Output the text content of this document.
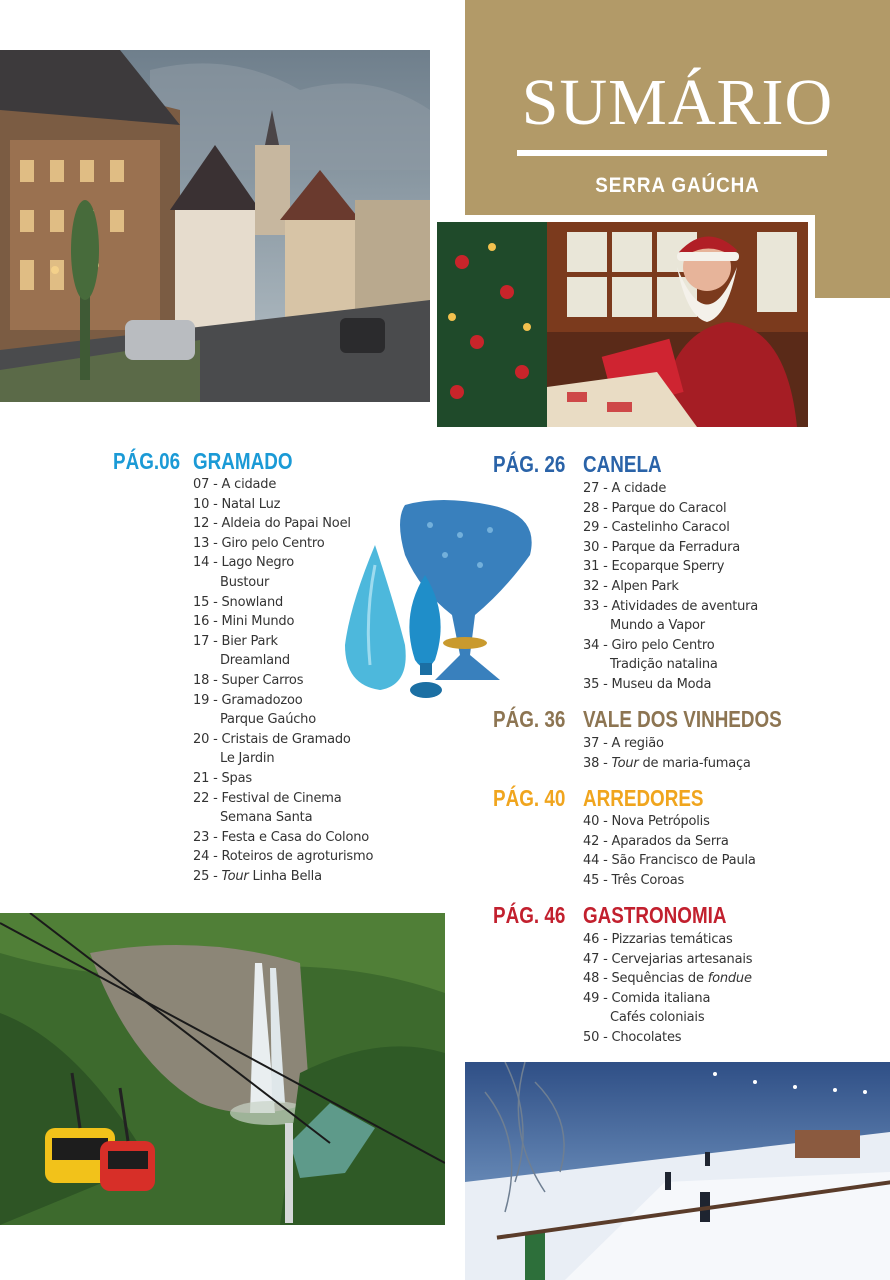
SUMÁRIO
SERRA GAÚCHA
PÁG.06 GRAMADO
07 - A cidade
10 - Natal Luz
12 - Aldeia do Papai Noel
13 - Giro pelo Centro
14 - Lago Negro
Bustour
15 - Snowland
16 - Mini Mundo
17 - Bier Park
Dreamland
18 - Super Carros
19 - Gramadozoo
Parque Gaúcho
20 - Cristais de Gramado
Le Jardin
21 - Spas
22 - Festival de Cinema
Semana Santa
23 - Festa e Casa do Colono
24 - Roteiros de agroturismo
25 - Tour Linha Bella
PÁG. 26 CANELA
27 - A cidade
28 - Parque do Caracol
29 - Castelinho Caracol
30 - Parque da Ferradura
31 - Ecoparque Sperry
32 - Alpen Park
33 - Atividades de aventura
Mundo a Vapor
34 - Giro pelo Centro
Tradição natalina
35 - Museu da Moda
PÁG. 36 VALE DOS VINHEDOS
37 - A região
38 - Tour de maria-fumaça
PÁG. 40 ARREDORES
40 - Nova Petrópolis
42 - Aparados da Serra
44 - São Francisco de Paula
45 - Três Coroas
PÁG. 46 GASTRONOMIA
46 - Pizzarias temáticas
47 - Cervejarias artesanais
48 - Sequências de fondue
49 - Comida italiana
Cafés coloniais
50 - Chocolates
